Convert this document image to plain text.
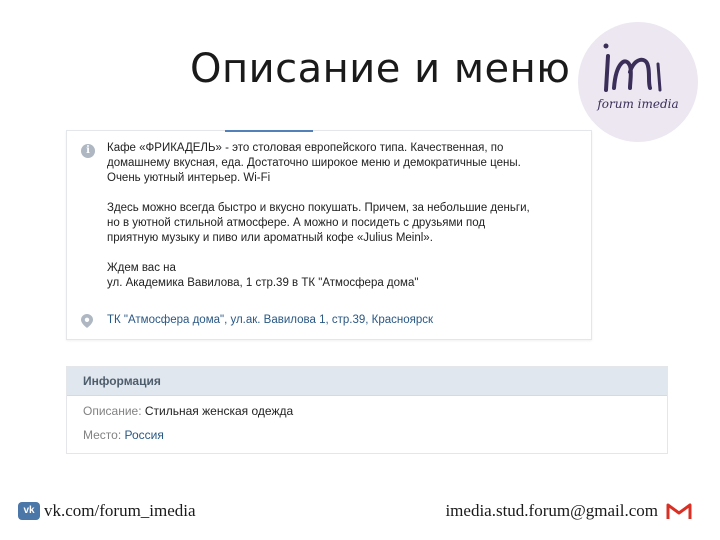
Описание и меню
forum imedia
i	Кафе «ФРИКАДЕЛЬ» - это столовая европейского типа. Качественная, по

домашнему вкусная, еда. Достаточно широкое меню и демократичные цены.

Очень уютный интерьер. Wi-Fi

Здесь можно всегда быстро и вкусно покушать. Причем, за небольшие деньги,

но в уютной стильной атмосфере. А можно и посидеть с друзьями под

приятную музыку и пиво или ароматный кофе «Julius Meinl».

Ждем вас на

ул. Академика Вавилова, 1 стр.39 в ТК "Атмосфера дома"

ТК "Атмосфера дома", ул.ак. Вавилова 1, стр.39, Красноярск
Информация
Описание: Стильная женская одежда
Место: Россия
vk vk.com/forum_imedia	imedia.stud.forum@gmail.com
